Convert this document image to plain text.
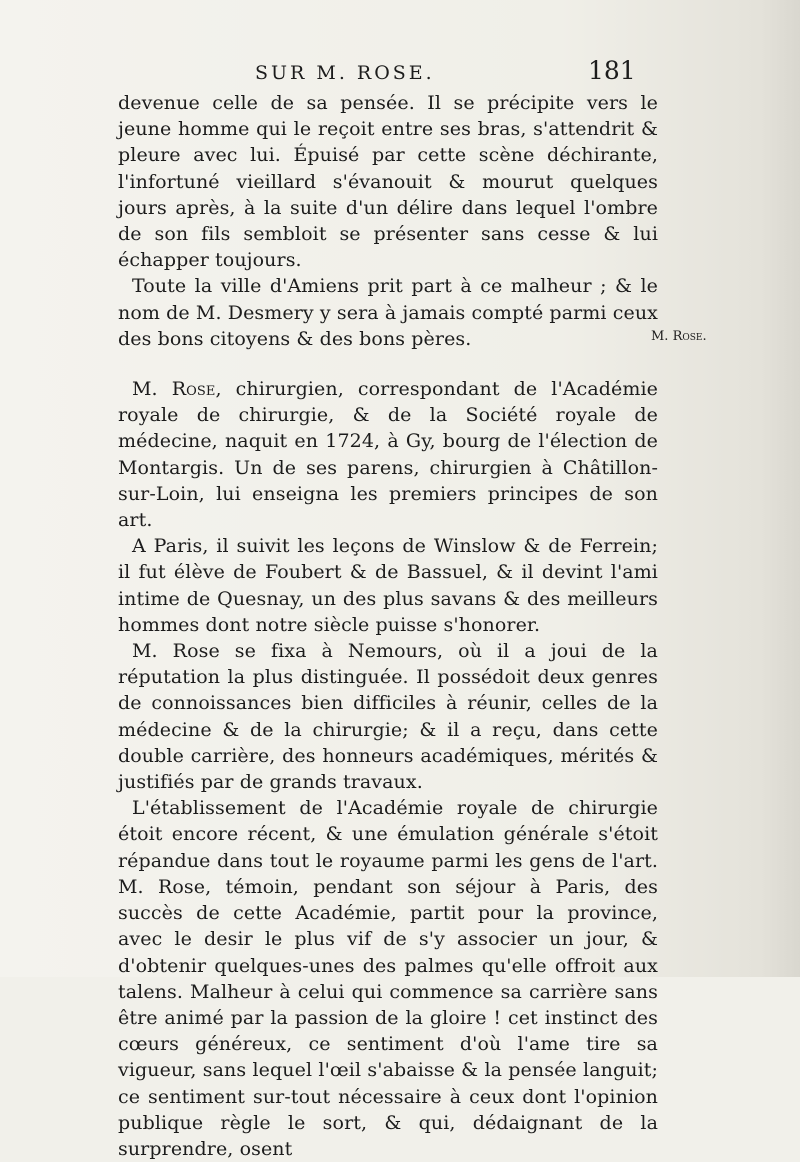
SUR M. ROSE.	181
M. Rose.

devenue celle de sa pensée. Il se précipite vers le jeune homme qui le reçoit entre ses bras, s'attendrit & pleure avec lui. Épuisé par cette scène déchirante, l'infortuné vieillard s'évanouit & mourut quelques jours après, à la suite d'un délire dans lequel l'ombre de son fils sembloit se présenter sans cesse & lui échapper toujours.

Toute la ville d'Amiens prit part à ce malheur ; & le nom de M. Desmery y sera à jamais compté parmi ceux des bons citoyens & des bons pères.

M. Rose, chirurgien, correspondant de l'Académie royale de chirurgie, & de la Société royale de médecine, naquit en 1724, à Gy, bourg de l'élection de Montargis. Un de ses parens, chirurgien à Châtillon-sur-Loin, lui enseigna les premiers principes de son art.

A Paris, il suivit les leçons de Winslow & de Ferrein; il fut élève de Foubert & de Bassuel, & il devint l'ami intime de Quesnay, un des plus savans & des meilleurs hommes dont notre siècle puisse s'honorer.

M. Rose se fixa à Nemours, où il a joui de la réputation la plus distinguée. Il possédoit deux genres de connoissances bien difficiles à réunir, celles de la médecine & de la chirurgie; & il a reçu, dans cette double carrière, des honneurs académiques, mérités & justifiés par de grands travaux.

L'établissement de l'Académie royale de chirurgie étoit encore récent, & une émulation générale s'étoit répandue dans tout le royaume parmi les gens de l'art. M. Rose, témoin, pendant son séjour à Paris, des succès de cette Académie, partit pour la province, avec le desir le plus vif de s'y associer un jour, & d'obtenir quelques-unes des palmes qu'elle offroit aux talens. Malheur à celui qui commence sa carrière sans être animé par la passion de la gloire ! cet instinct des cœurs généreux, ce sentiment d'où l'ame tire sa vigueur, sans lequel l'œil s'abaisse & la pensée languit; ce sentiment sur-tout nécessaire à ceux dont l'opinion publique règle le sort, & qui, dédaignant de la surprendre, osent
